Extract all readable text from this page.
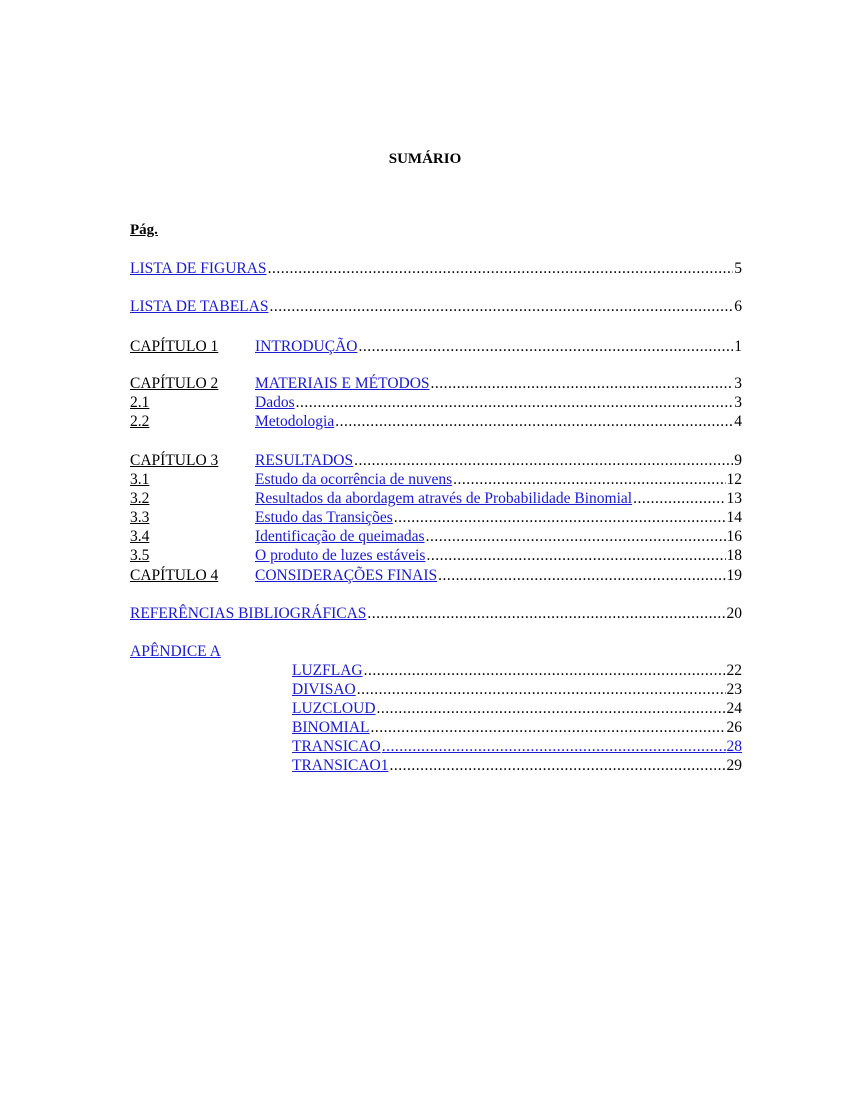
SUMÁRIO
Pág.
LISTA DE FIGURAS .....	5
LISTA DE TABELAS .....	6
CAPÍTULO 1 INTRODUÇÃO .....	1
CAPÍTULO 2 MATERIAIS E MÉTODOS .....	3
2.1	Dados .....	3
2.2	Metodologia .....	4
CAPÍTULO 3 RESULTADOS .....	9
3.1	Estudo da ocorrência de nuvens .....	12
3.2	Resultados da abordagem através de Probabilidade Binomial .....	13
3.3	Estudo das Transições .....	14
3.4	Identificação de queimadas .....	16
3.5	O produto de luzes estáveis .....	18
CAPÍTULO 4 CONSIDERAÇÕES FINAIS .....	19
REFERÊNCIAS BIBLIOGRÁFICAS .....	20
APÊNDICE A
LUZFLAG .....	22
DIVISAO .....	23
LUZCLOUD .....	24
BINOMIAL .....	26
TRANSICAO .....	28
TRANSICAO1 .....	29
